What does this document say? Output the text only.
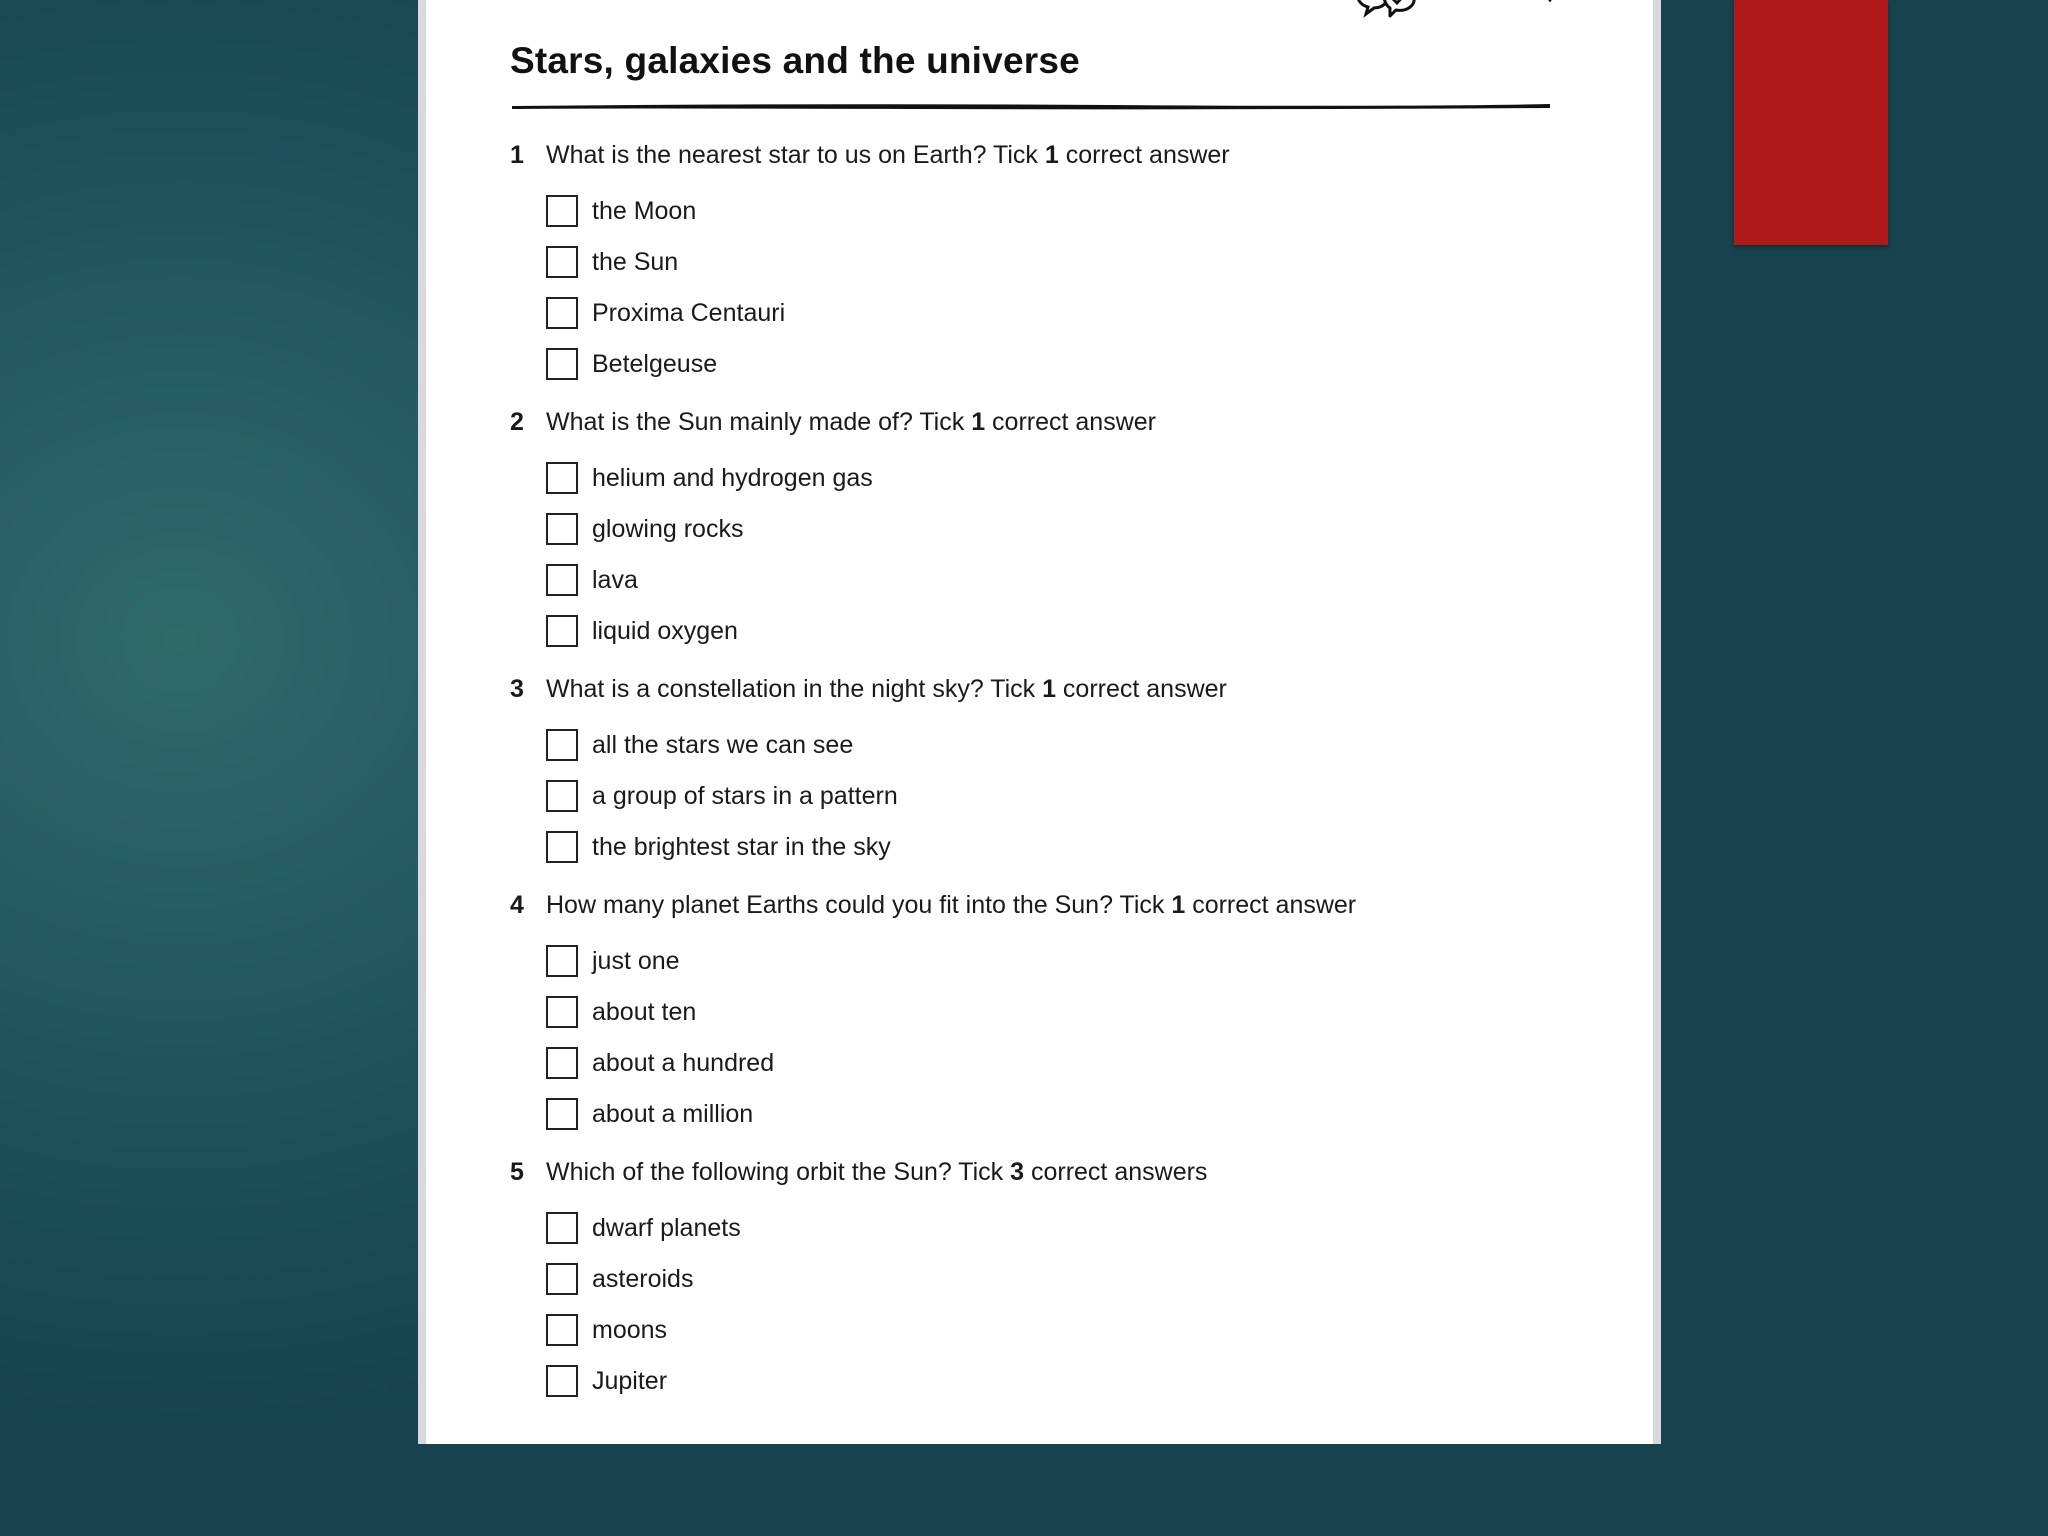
Stars, galaxies and the universe
1 What is the nearest star to us on Earth? Tick 1 correct answer
the Moon
the Sun
Proxima Centauri
Betelgeuse
2 What is the Sun mainly made of? Tick 1 correct answer
helium and hydrogen gas
glowing rocks
lava
liquid oxygen
3 What is a constellation in the night sky? Tick 1 correct answer
all the stars we can see
a group of stars in a pattern
the brightest star in the sky
4 How many planet Earths could you fit into the Sun? Tick 1 correct answer
just one
about ten
about a hundred
about a million
5 Which of the following orbit the Sun? Tick 3 correct answers
dwarf planets
asteroids
moons
Jupiter
